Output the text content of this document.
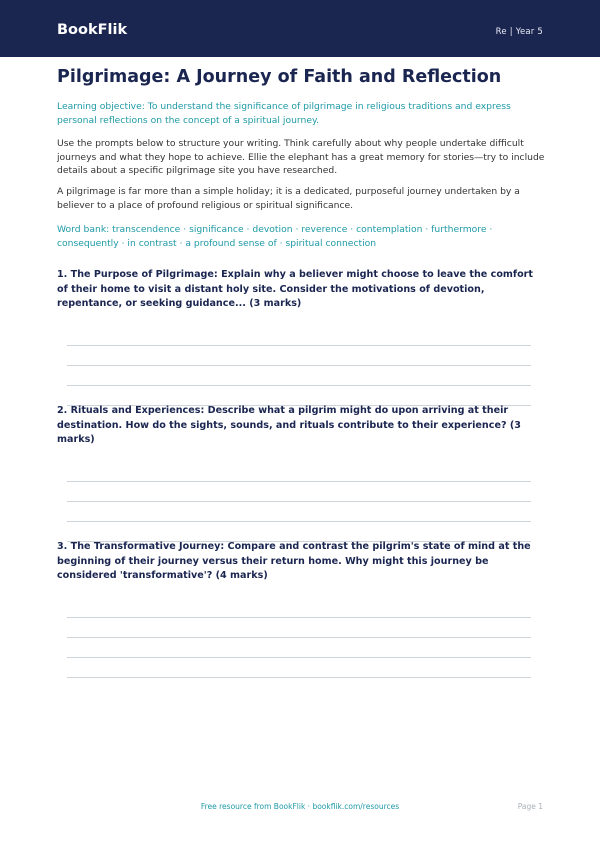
BookFlik	Re | Year 5
Pilgrimage: A Journey of Faith and Reflection

Learning objective: To understand the significance of pilgrimage in religious traditions and express personal reflections on the concept of a spiritual journey.

Use the prompts below to structure your writing. Think carefully about why people undertake difficult journeys and what they hope to achieve. Ellie the elephant has a great memory for stories—try to include details about a specific pilgrimage site you have researched.

A pilgrimage is far more than a simple holiday; it is a dedicated, purposeful journey undertaken by a believer to a place of profound religious or spiritual significance.

Word bank: transcendence · significance · devotion · reverence · contemplation · furthermore · consequently · in contrast · a profound sense of · spiritual connection

1. The Purpose of Pilgrimage: Explain why a believer might choose to leave the comfort of their home to visit a distant holy site. Consider the motivations of devotion, repentance, or seeking guidance... (3 marks)

2. Rituals and Experiences: Describe what a pilgrim might do upon arriving at their destination. How do the sights, sounds, and rituals contribute to their experience? (3 marks)

3. The Transformative Journey: Compare and contrast the pilgrim's state of mind at the beginning of their journey versus their return home. Why might this journey be considered 'transformative'? (4 marks)

Free resource from BookFlik · bookflik.com/resources	Page 1
